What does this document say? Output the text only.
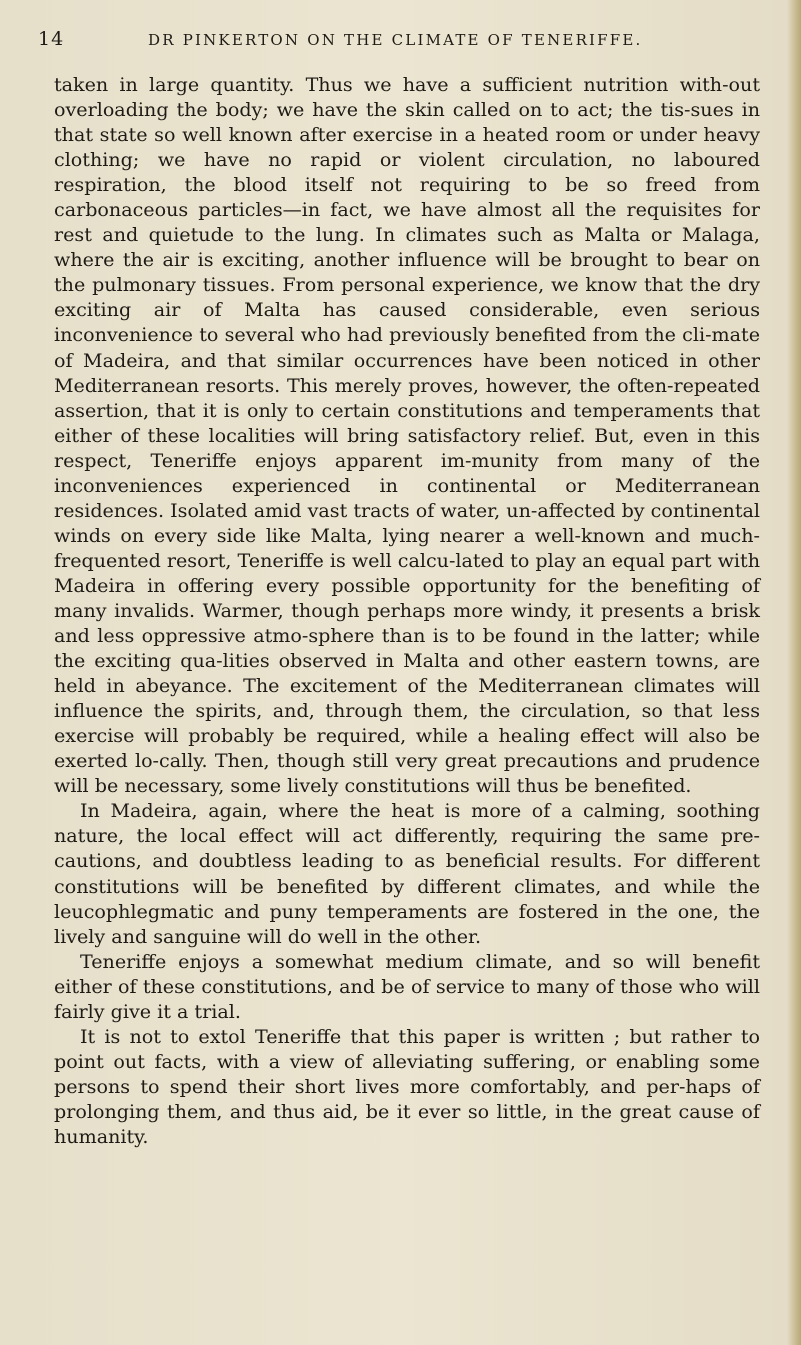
14	DR PINKERTON ON THE CLIMATE OF TENERIFFE.

taken in large quantity. Thus we have a sufficient nutrition with-out overloading the body; we have the skin called on to act; the tis-sues in that state so well known after exercise in a heated room or under heavy clothing; we have no rapid or violent circulation, no laboured respiration, the blood itself not requiring to be so freed from carbonaceous particles—in fact, we have almost all the requisites for rest and quietude to the lung. In climates such as Malta or Malaga, where the air is exciting, another influence will be brought to bear on the pulmonary tissues. From personal experience, we know that the dry exciting air of Malta has caused considerable, even serious inconvenience to several who had previously benefited from the cli-mate of Madeira, and that similar occurrences have been noticed in other Mediterranean resorts. This merely proves, however, the often-repeated assertion, that it is only to certain constitutions and temperaments that either of these localities will bring satisfactory relief. But, even in this respect, Teneriffe enjoys apparent im-munity from many of the inconveniences experienced in continental or Mediterranean residences. Isolated amid vast tracts of water, un-affected by continental winds on every side like Malta, lying nearer a well-known and much-frequented resort, Teneriffe is well calcu-lated to play an equal part with Madeira in offering every possible opportunity for the benefiting of many invalids. Warmer, though perhaps more windy, it presents a brisk and less oppressive atmo-sphere than is to be found in the latter; while the exciting qua-lities observed in Malta and other eastern towns, are held in abeyance. The excitement of the Mediterranean climates will influence the spirits, and, through them, the circulation, so that less exercise will probably be required, while a healing effect will also be exerted lo-cally. Then, though still very great precautions and prudence will be necessary, some lively constitutions will thus be benefited.

In Madeira, again, where the heat is more of a calming, soothing nature, the local effect will act differently, requiring the same pre-cautions, and doubtless leading to as beneficial results. For different constitutions will be benefited by different climates, and while the leucophlegmatic and puny temperaments are fostered in the one, the lively and sanguine will do well in the other.

Teneriffe enjoys a somewhat medium climate, and so will benefit either of these constitutions, and be of service to many of those who will fairly give it a trial.

It is not to extol Teneriffe that this paper is written ; but rather to point out facts, with a view of alleviating suffering, or enabling some persons to spend their short lives more comfortably, and per-haps of prolonging them, and thus aid, be it ever so little, in the great cause of humanity.
